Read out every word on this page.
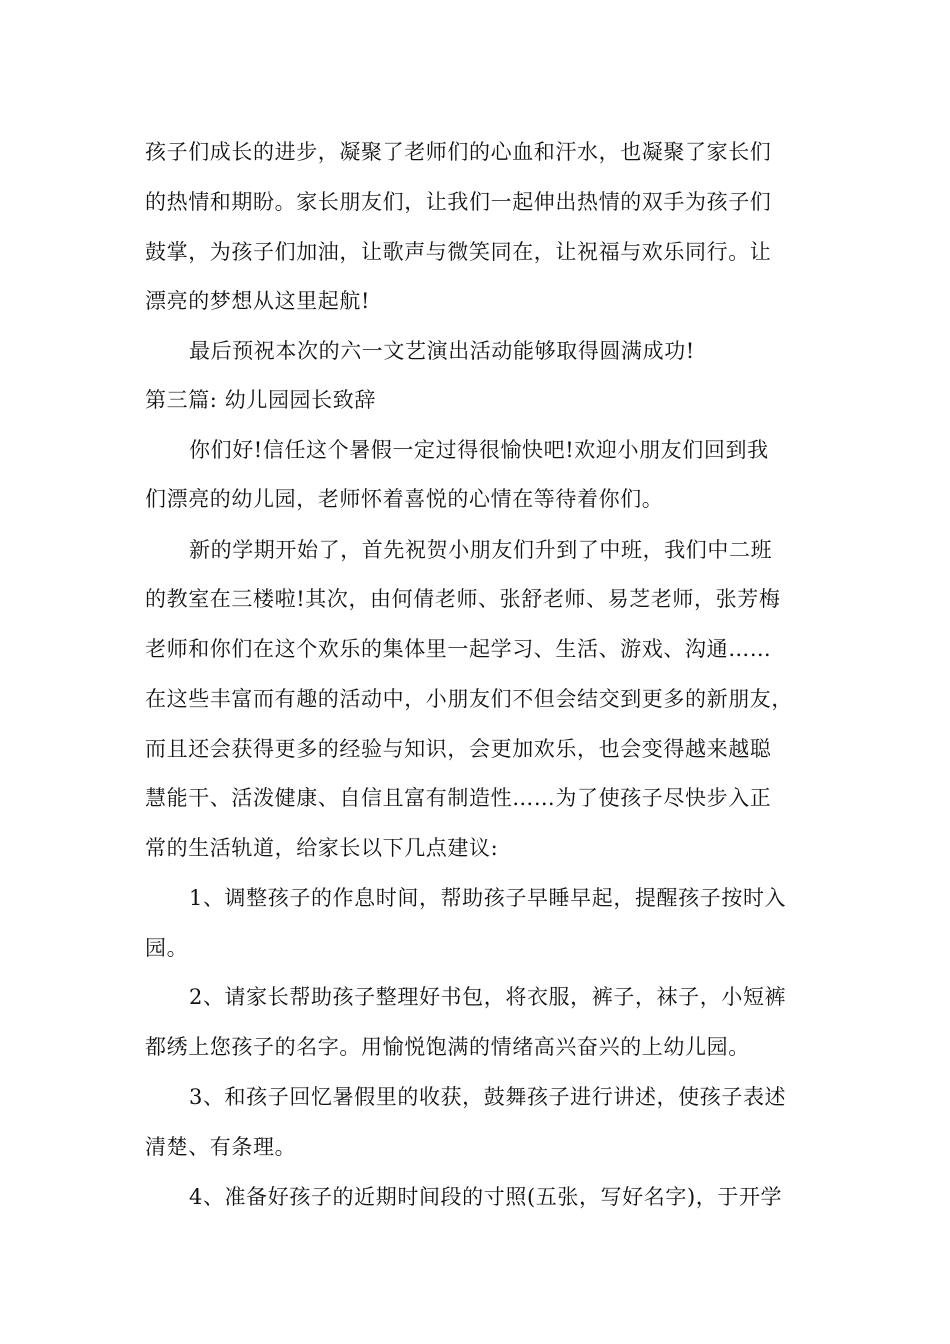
孩子们成长的进步，凝聚了老师们的心血和汗水，也凝聚了家长们
的热情和期盼。家长朋友们，让我们一起伸出热情的双手为孩子们
鼓掌，为孩子们加油，让歌声与微笑同在，让祝福与欢乐同行。让
漂亮的梦想从这里起航!
最后预祝本次的六一文艺演出活动能够取得圆满成功!
第三篇: 幼儿园园长致辞
你们好!信任这个暑假一定过得很愉快吧!欢迎小朋友们回到我
们漂亮的幼儿园，老师怀着喜悦的心情在等待着你们。
新的学期开始了，首先祝贺小朋友们升到了中班，我们中二班
的教室在三楼啦!其次，由何倩老师、张舒老师、易芝老师，张芳梅
老师和你们在这个欢乐的集体里一起学习、生活、游戏、沟通……
在这些丰富而有趣的活动中，小朋友们不但会结交到更多的新朋友，
而且还会获得更多的经验与知识，会更加欢乐，也会变得越来越聪
慧能干、活泼健康、自信且富有制造性……为了使孩子尽快步入正
常的生活轨道，给家长以下几点建议:
1、调整孩子的作息时间，帮助孩子早睡早起，提醒孩子按时入
园。
2、请家长帮助孩子整理好书包，将衣服，裤子，袜子，小短裤
都绣上您孩子的名字。用愉悦饱满的情绪高兴奋兴的上幼儿园。
3、和孩子回忆暑假里的收获，鼓舞孩子进行讲述，使孩子表述
清楚、有条理。
4、准备好孩子的近期时间段的寸照(五张，写好名字)，于开学
